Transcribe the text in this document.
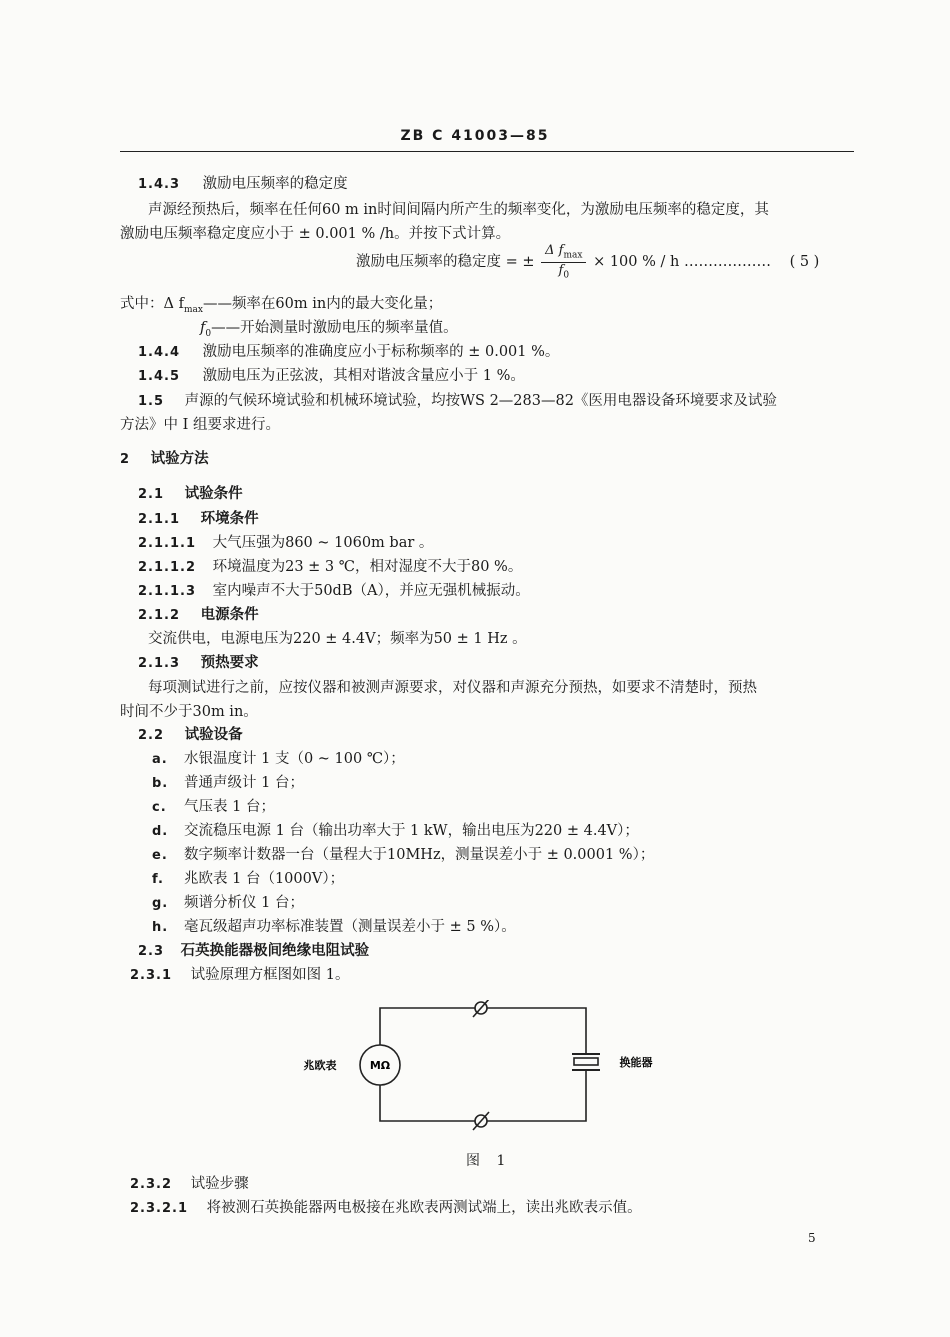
ZB C 41003—85
1.4.3 激励电压频率的稳定度
声源经预热后，频率在任何60 m in时间间隔内所产生的频率变化，为激励电压频率的稳定度，其
激励电压频率稳定度应小于 ± 0.001 % /h。并按下式计算。
激励电压频率的稳定度 = ± $\frac{\Delta f_{max}}{f_0} \times 100$ % / h ……………… ( 5 )
式中：Δ $f_{max}——$频率在60m in内的最大变化量；
$f_0——$开始测量时激励电压的频率量值。
1.4.4 激励电压频率的准确度应小于标称频率的 ± 0.001 %。
1.4.5 激励电压为正弦波，其相对谐波含量应小于 1 %。
1.5 声源的气候环境试验和机械环境试验，均按WS 2—283—82《医用电器设备环境要求及试验
方法》中 I 组要求进行。
2 试验方法
2.1 试验条件
2.1.1 环境条件
2.1.1.1 大气压强为860 ~ 1060m bar 。
2.1.1.2 环境温度为23 ± 3 ℃，相对湿度不大于80 %。
2.1.1.3 室内噪声不大于50dB（A），并应无强机械振动。
2.1.2 电源条件
交流供电，电源电压为220 ± 4.4V；频率为50 ± 1 Hz 。
2.1.3 预热要求
每项测试进行之前，应按仪器和被测声源要求，对仪器和声源充分预热，如要求不清楚时，预热
时间不少于30m in。
2.2 试验设备
a. 水银温度计 1 支（0 ~ 100 ℃）；
b. 普通声级计 1 台；
c. 气压表 1 台；
d. 交流稳压电源 1 台（输出功率大于 1 kW，输出电压为220 ± 4.4V）；
e. 数字频率计数器一台（量程大于10MHz，测量误差小于 ± 0.0001 %）；
f. 兆欧表 1 台（1000V）；
g. 频谱分析仪 1 台；
h. 毫瓦级超声功率标准装置（测量误差小于 ± 5 %）。
2.3 石英换能器极间绝缘电阻试验
2.3.1 试验原理方框图如图 1。
MΩ
兆欧表	换能器
图 1
2.3.2 试验步骤
2.3.2.1 将被测石英换能器两电极接在兆欧表两测试端上，读出兆欧表示值。
5
